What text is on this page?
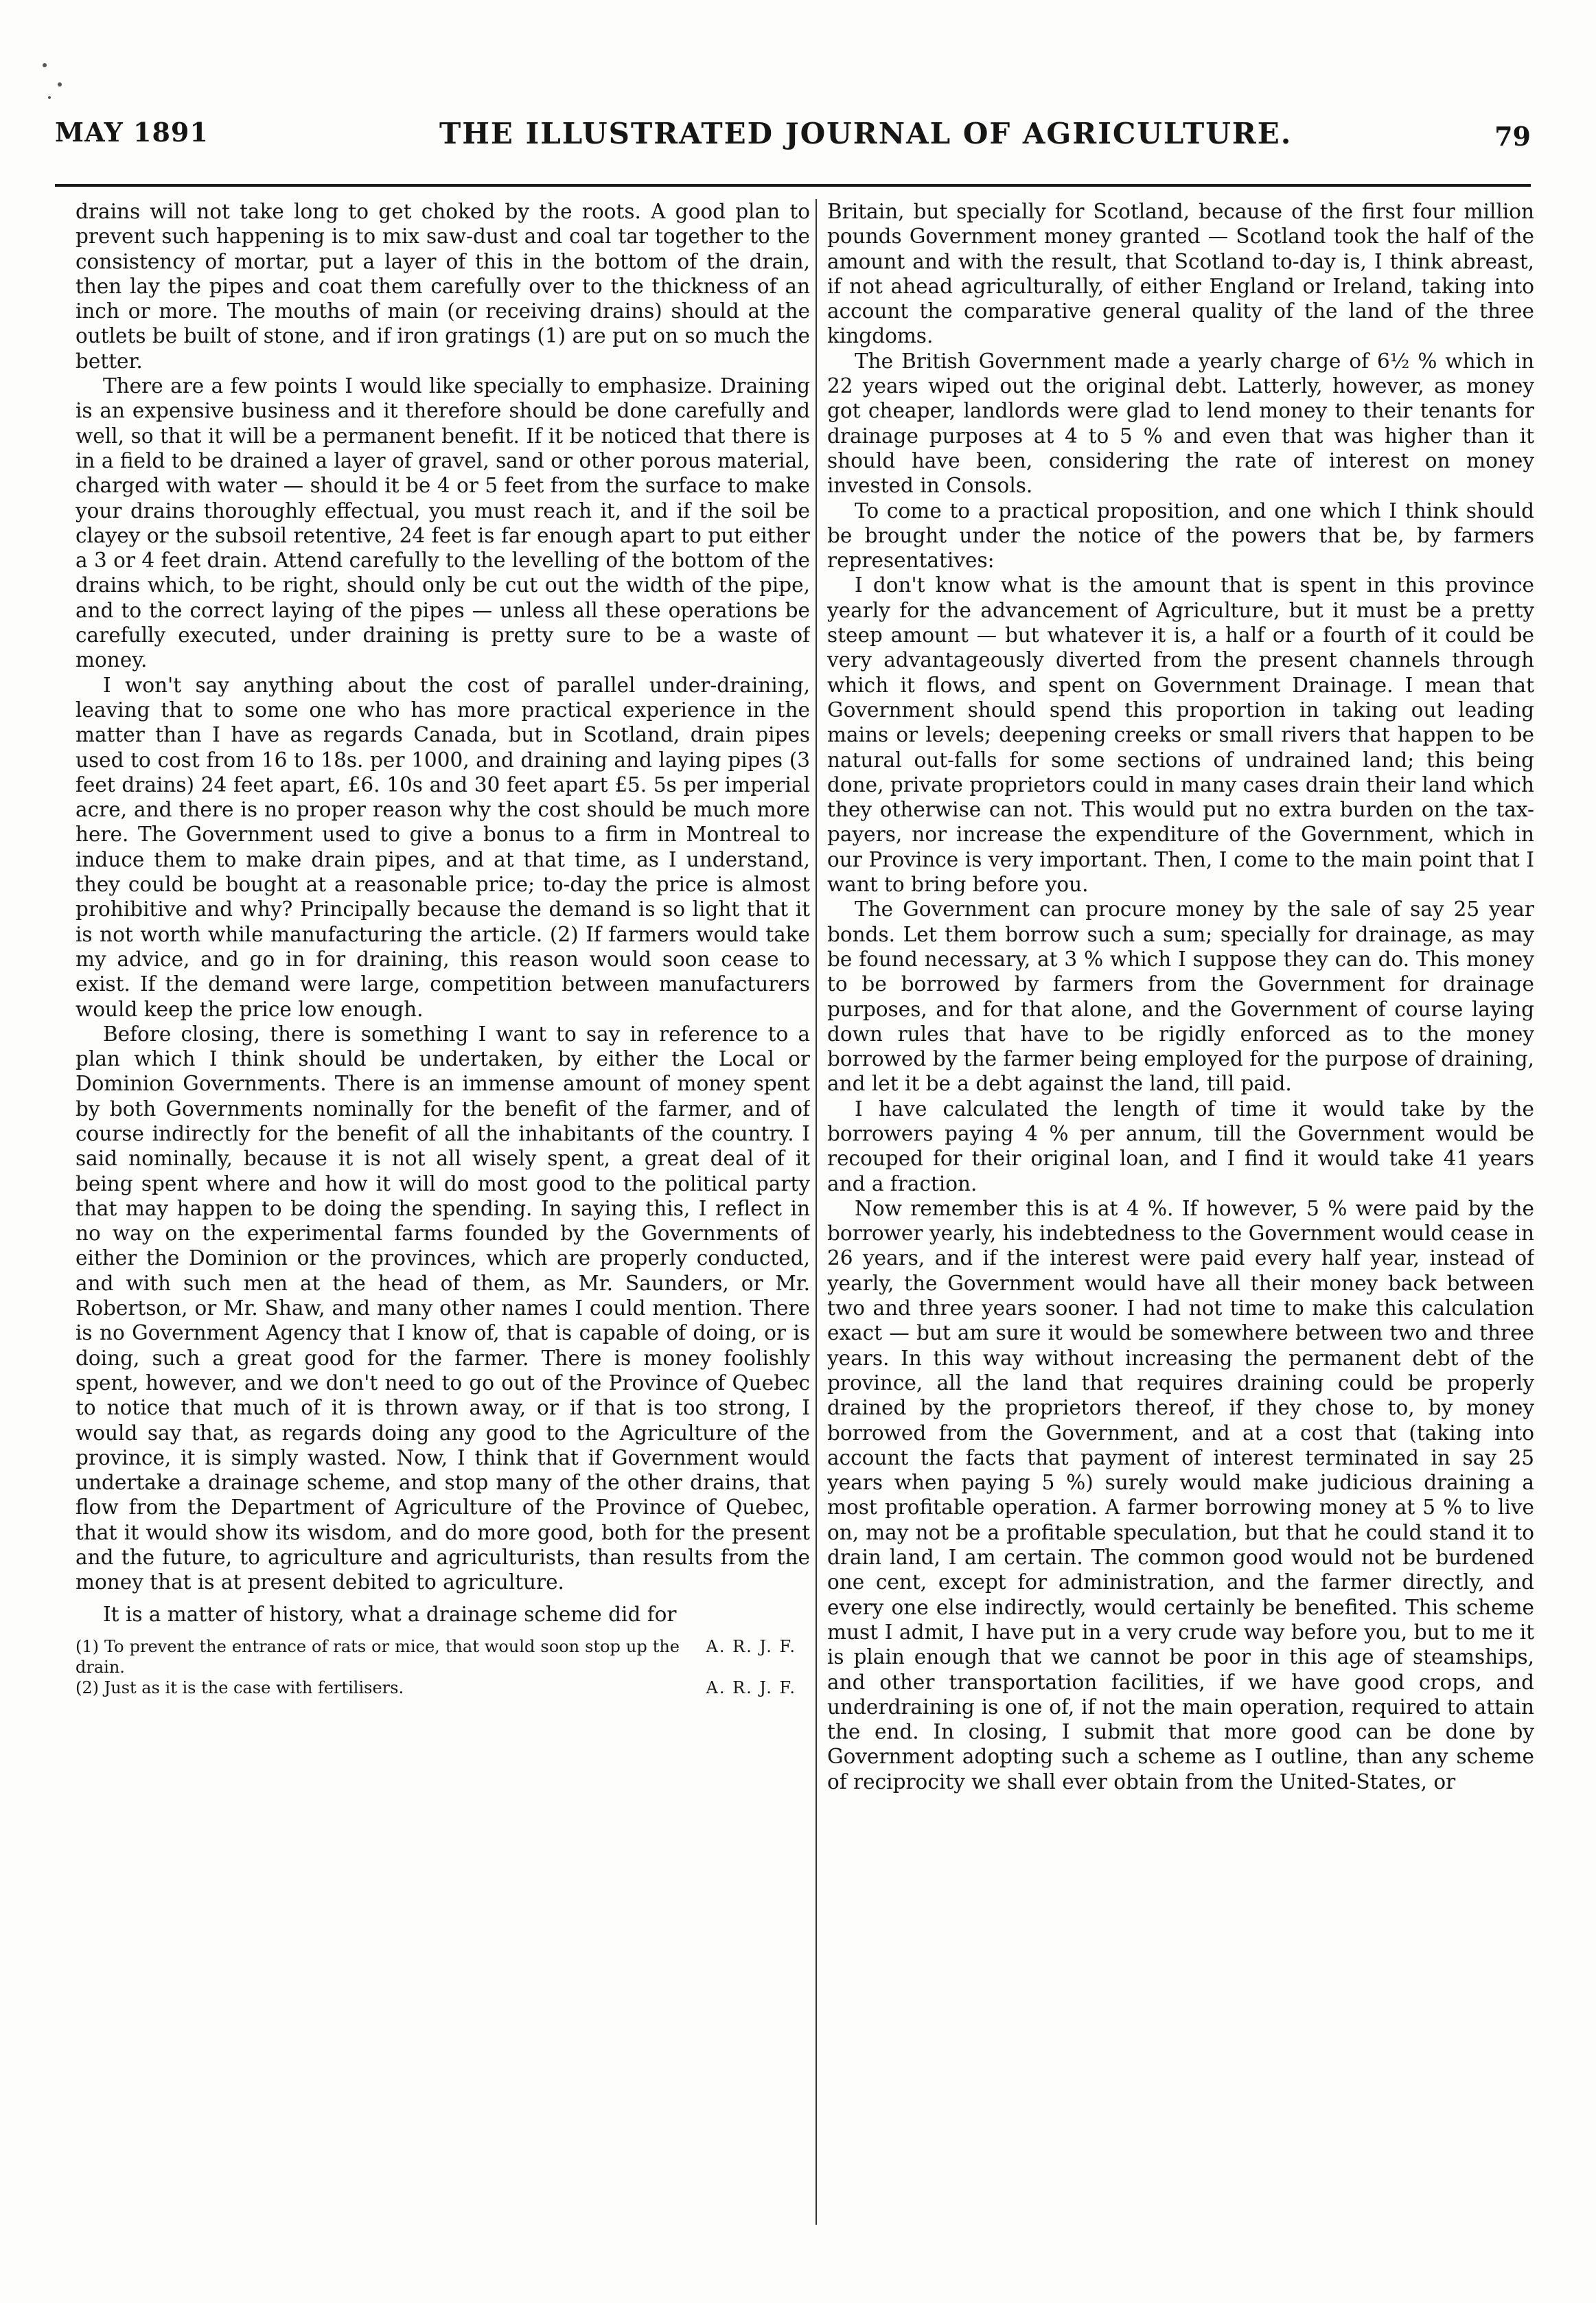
MAY 1891	THE ILLUSTRATED JOURNAL OF AGRICULTURE.	79

drains will not take long to get choked by the roots. A good plan to prevent such happening is to mix saw-dust and coal tar together to the consistency of mortar, put a layer of this in the bottom of the drain, then lay the pipes and coat them carefully over to the thickness of an inch or more. The mouths of main (or receiving drains) should at the outlets be built of stone, and if iron gratings (1) are put on so much the better.

There are a few points I would like specially to emphasize. Draining is an expensive business and it therefore should be done carefully and well, so that it will be a permanent benefit. If it be noticed that there is in a field to be drained a layer of gravel, sand or other porous material, charged with water — should it be 4 or 5 feet from the surface to make your drains thoroughly effectual, you must reach it, and if the soil be clayey or the subsoil retentive, 24 feet is far enough apart to put either a 3 or 4 feet drain. Attend carefully to the levelling of the bottom of the drains which, to be right, should only be cut out the width of the pipe, and to the correct laying of the pipes — unless all these operations be carefully executed, under draining is pretty sure to be a waste of money.

I won't say anything about the cost of parallel under-draining, leaving that to some one who has more practical experience in the matter than I have as regards Canada, but in Scotland, drain pipes used to cost from 16 to 18s. per 1000, and draining and laying pipes (3 feet drains) 24 feet apart, £6. 10s and 30 feet apart £5. 5s per imperial acre, and there is no proper reason why the cost should be much more here. The Government used to give a bonus to a firm in Montreal to induce them to make drain pipes, and at that time, as I understand, they could be bought at a reasonable price; to-day the price is almost prohibitive and why? Principally because the demand is so light that it is not worth while manufacturing the article. (2) If farmers would take my advice, and go in for draining, this reason would soon cease to exist. If the demand were large, competition between manufacturers would keep the price low enough.

Before closing, there is something I want to say in reference to a plan which I think should be undertaken, by either the Local or Dominion Governments. There is an immense amount of money spent by both Governments nominally for the benefit of the farmer, and of course indirectly for the benefit of all the inhabitants of the country. I said nominally, because it is not all wisely spent, a great deal of it being spent where and how it will do most good to the political party that may happen to be doing the spending. In saying this, I reflect in no way on the experimental farms founded by the Governments of either the Dominion or the provinces, which are properly conducted, and with such men at the head of them, as Mr. Saunders, or Mr. Robertson, or Mr. Shaw, and many other names I could mention. There is no Government Agency that I know of, that is capable of doing, or is doing, such a great good for the farmer. There is money foolishly spent, however, and we don't need to go out of the Province of Quebec to notice that much of it is thrown away, or if that is too strong, I would say that, as regards doing any good to the Agriculture of the province, it is simply wasted. Now, I think that if Government would undertake a drainage scheme, and stop many of the other drains, that flow from the Department of Agriculture of the Province of Quebec, that it would show its wisdom, and do more good, both for the present and the future, to agriculture and agriculturists, than results from the money that is at present debited to agriculture.

It is a matter of history, what a drainage scheme did for

(1) To prevent the entrance of rats or mice, that would soon stop up the drain.
A. R. J. F.

(2) Just as it is the case with fertilisers.	A. R. J. F.

Britain, but specially for Scotland, because of the first four million pounds Government money granted — Scotland took the half of the amount and with the result, that Scotland to-day is, I think abreast, if not ahead agriculturally, of either England or Ireland, taking into account the comparative general quality of the land of the three kingdoms.

The British Government made a yearly charge of 6½ % which in 22 years wiped out the original debt. Latterly, however, as money got cheaper, landlords were glad to lend money to their tenants for drainage purposes at 4 to 5 % and even that was higher than it should have been, considering the rate of interest on money invested in Consols.

To come to a practical proposition, and one which I think should be brought under the notice of the powers that be, by farmers representatives:

I don't know what is the amount that is spent in this province yearly for the advancement of Agriculture, but it must be a pretty steep amount — but whatever it is, a half or a fourth of it could be very advantageously diverted from the present channels through which it flows, and spent on Government Drainage. I mean that Government should spend this proportion in taking out leading mains or levels; deepening creeks or small rivers that happen to be natural out-falls for some sections of undrained land; this being done, private proprietors could in many cases drain their land which they otherwise can not. This would put no extra burden on the tax-payers, nor increase the expenditure of the Government, which in our Province is very important. Then, I come to the main point that I want to bring before you.

The Government can procure money by the sale of say 25 year bonds. Let them borrow such a sum; specially for drainage, as may be found necessary, at 3 % which I suppose they can do. This money to be borrowed by farmers from the Government for drainage purposes, and for that alone, and the Government of course laying down rules that have to be rigidly enforced as to the money borrowed by the farmer being employed for the purpose of draining, and let it be a debt against the land, till paid.

I have calculated the length of time it would take by the borrowers paying 4 % per annum, till the Government would be recouped for their original loan, and I find it would take 41 years and a fraction.

Now remember this is at 4 %. If however, 5 % were paid by the borrower yearly, his indebtedness to the Government would cease in 26 years, and if the interest were paid every half year, instead of yearly, the Government would have all their money back between two and three years sooner. I had not time to make this calculation exact — but am sure it would be somewhere between two and three years. In this way without increasing the permanent debt of the province, all the land that requires draining could be properly drained by the proprietors thereof, if they chose to, by money borrowed from the Government, and at a cost that (taking into account the facts that payment of interest terminated in say 25 years when paying 5 %) surely would make judicious draining a most profitable operation. A farmer borrowing money at 5 % to live on, may not be a profitable speculation, but that he could stand it to drain land, I am certain. The common good would not be burdened one cent, except for administration, and the farmer directly, and every one else indirectly, would certainly be benefited. This scheme must I admit, I have put in a very crude way before you, but to me it is plain enough that we cannot be poor in this age of steamships, and other transportation facilities, if we have good crops, and underdraining is one of, if not the main operation, required to attain the end. In closing, I submit that more good can be done by Government adopting such a scheme as I outline, than any scheme of reciprocity we shall ever obtain from the United-States, or
